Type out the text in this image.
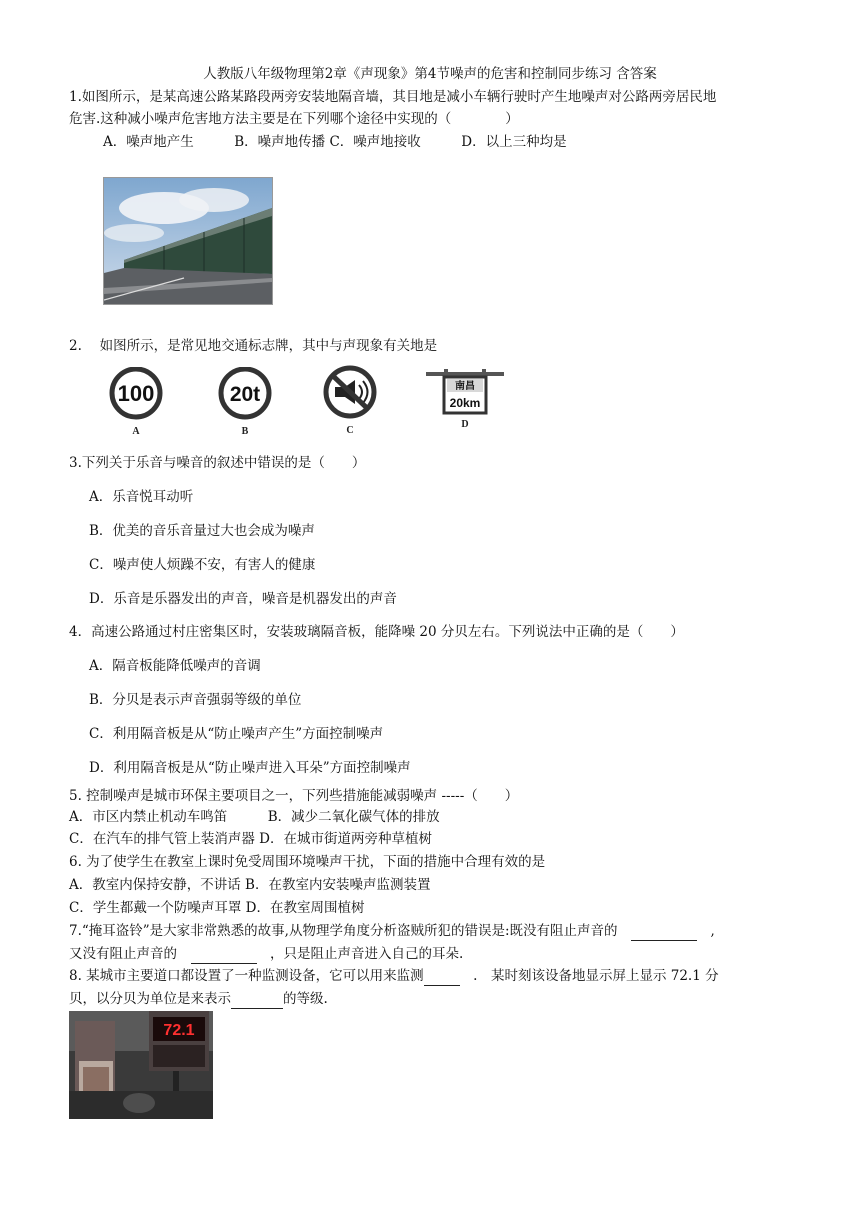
人教版八年级物理第2章《声现象》第4节噪声的危害和控制同步练习 含答案
1.如图所示，是某高速公路某路段两旁安装地隔音墙，其目地是减小车辆行驶时产生地噪声对公路两旁居民地
危害.这种减小噪声危害地方法主要是在下列哪个途径中实现的（　　　　）
A．噪声地产生　　　B．噪声地传播 C．噪声地接收　　　D．以上三种均是
2.　 如图所示，是常见地交通标志牌，其中与声现象有关地是
100
A
20t
B	C
南昌
20km
D
3.下列关于乐音与噪音的叙述中错误的是（　　）
A．乐音悦耳动听
B．优美的音乐音量过大也会成为噪声
C．噪声使人烦躁不安，有害人的健康
D．乐音是乐器发出的声音，噪音是机器发出的声音
4．高速公路通过村庄密集区时，安装玻璃隔音板，能降噪 20 分贝左右。下列说法中正确的是（　　）
A．隔音板能降低噪声的音调
B．分贝是表示声音强弱等级的单位
C．利用隔音板是从“防止噪声产生”方面控制噪声
D．利用隔音板是从“防止噪声进入耳朵”方面控制噪声
5. 控制噪声是城市环保主要项目之一，下列些措施能减弱噪声 -----（　　）
A．市区内禁止机动车鸣笛　　　B．减少二氧化碳气体的排放
C．在汽车的排气管上装消声器 D．在城市街道两旁种草植树
6. 为了使学生在教室上课时免受周围环境噪声干扰，下面的措施中合理有效的是
A．教室内保持安静，不讲话 B．在教室内安装噪声监测装置
C．学生都戴一个防噪声耳罩 D．在教室周围植树
7.“掩耳盗铃”是大家非常熟悉的故事,从物理学角度分析盗贼所犯的错误是:既没有阻止声音的　	　,
又没有阻止声音的　	　，只是阻止声音进入自己的耳朵.
8. 某城市主要道口都设置了一种监测设备，它可以用来监测	　.　某时刻该设备地显示屏上显示 72.1 分
贝，以分贝为单位是来表示	的等级.
72.1
